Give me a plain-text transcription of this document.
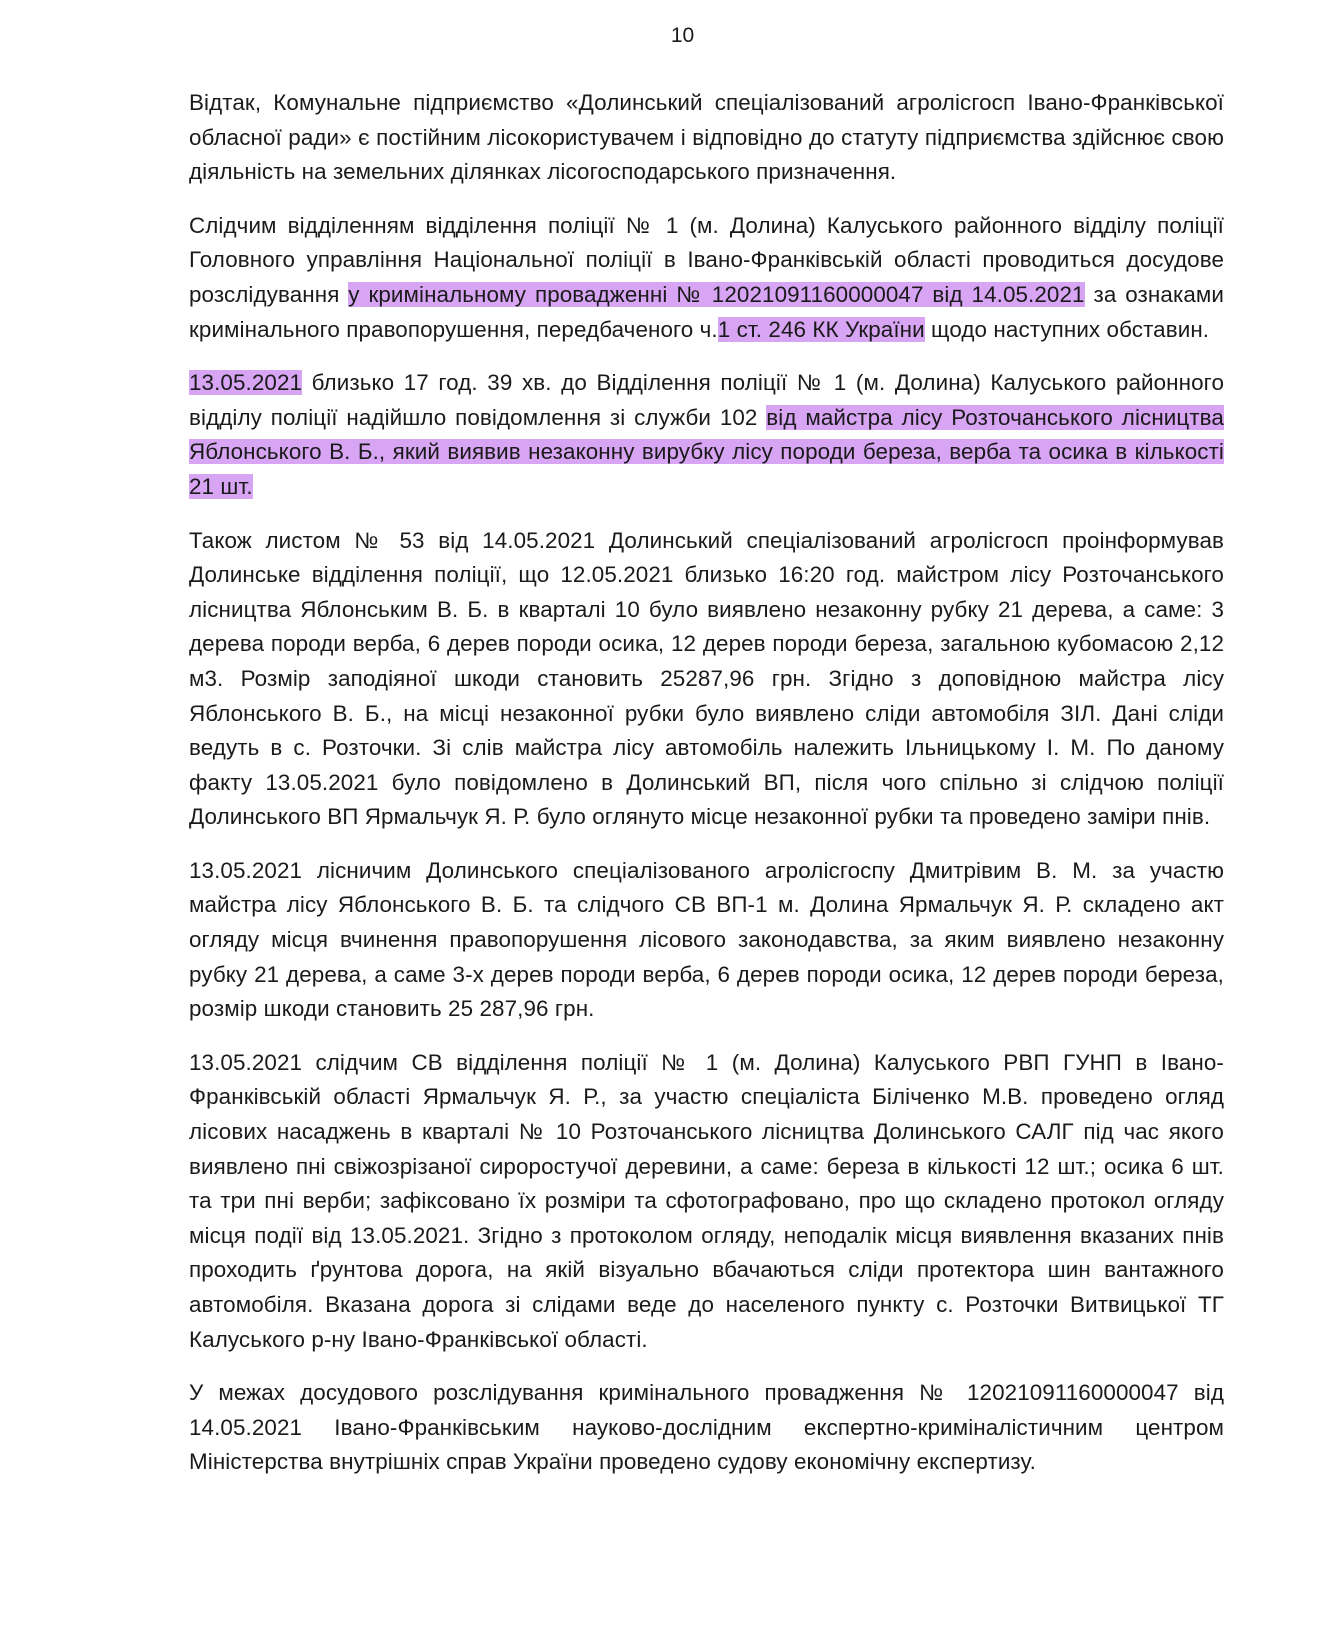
10

Відтак, Комунальне підприємство «Долинський спеціалізований агролісгосп Івано-Франківської обласної ради» є постійним лісокористувачем і відповідно до статуту підприємства здійснює свою діяльність на земельних ділянках лісогосподарського призначення.

Слідчим відділенням відділення поліції № 1 (м. Долина) Калуського районного відділу поліції Головного управління Національної поліції в Івано-Франківській області проводиться досудове розслідування у кримінальному провадженні № 12021091160000047 від 14.05.2021 за ознаками кримінального правопорушення, передбаченого ч.1 ст. 246 КК України щодо наступних обставин.

13.05.2021 близько 17 год. 39 хв. до Відділення поліції № 1 (м. Долина) Калуського районного відділу поліції надійшло повідомлення зі служби 102 від майстра лісу Розточанського лісництва Яблонського В. Б., який виявив незаконну вирубку лісу породи береза, верба та осика в кількості 21 шт.

Також листом № 53 від 14.05.2021 Долинський спеціалізований агролісгосп проінформував Долинське відділення поліції, що 12.05.2021 близько 16:20 год. майстром лісу Розточанського лісництва Яблонським В. Б. в кварталі 10 було виявлено незаконну рубку 21 дерева, а саме: 3 дерева породи верба, 6 дерев породи осика, 12 дерев породи береза, загальною кубомасою 2,12 м3. Розмір заподіяної шкоди становить 25287,96 грн. Згідно з доповідною майстра лісу Яблонського В. Б., на місці незаконної рубки було виявлено сліди автомобіля ЗІЛ. Дані сліди ведуть в с. Розточки. Зі слів майстра лісу автомобіль належить Ільницькому І. М. По даному факту 13.05.2021 було повідомлено в Долинський ВП, після чого спільно зі слідчою поліції Долинського ВП Ярмальчук Я. Р. було оглянуто місце незаконної рубки та проведено заміри пнів.

13.05.2021 лісничим Долинського спеціалізованого агролісгоспу Дмитрівим В. М. за участю майстра лісу Яблонського В. Б. та слідчого СВ ВП-1 м. Долина Ярмальчук Я. Р. складено акт огляду місця вчинення правопорушення лісового законодавства, за яким виявлено незаконну рубку 21 дерева, а саме 3-х дерев породи верба, 6 дерев породи осика, 12 дерев породи береза, розмір шкоди становить 25 287,96 грн.

13.05.2021 слідчим СВ відділення поліції № 1 (м. Долина) Калуського РВП ГУНП в Івано-Франківській області Ярмальчук Я. Р., за участю спеціаліста Біліченко М.В. проведено огляд лісових насаджень в кварталі № 10 Розточанського лісництва Долинського САЛГ під час якого виявлено пні свіжозрізаної сироростучої деревини, а саме: береза в кількості 12 шт.; осика 6 шт. та три пні верби; зафіксовано їх розміри та сфотографовано, про що складено протокол огляду місця події від 13.05.2021. Згідно з протоколом огляду, неподалік місця виявлення вказаних пнів проходить ґрунтова дорога, на якій візуально вбачаються сліди протектора шин вантажного автомобіля. Вказана дорога зі слідами веде до населеного пункту с. Розточки Витвицької ТГ Калуського р-ну Івано-Франківської області.

У межах досудового розслідування кримінального провадження № 12021091160000047 від 14.05.2021 Івано-Франківським науково-дослідним експертно-криміналістичним центром Міністерства внутрішніх справ України проведено судову економічну експертизу.
